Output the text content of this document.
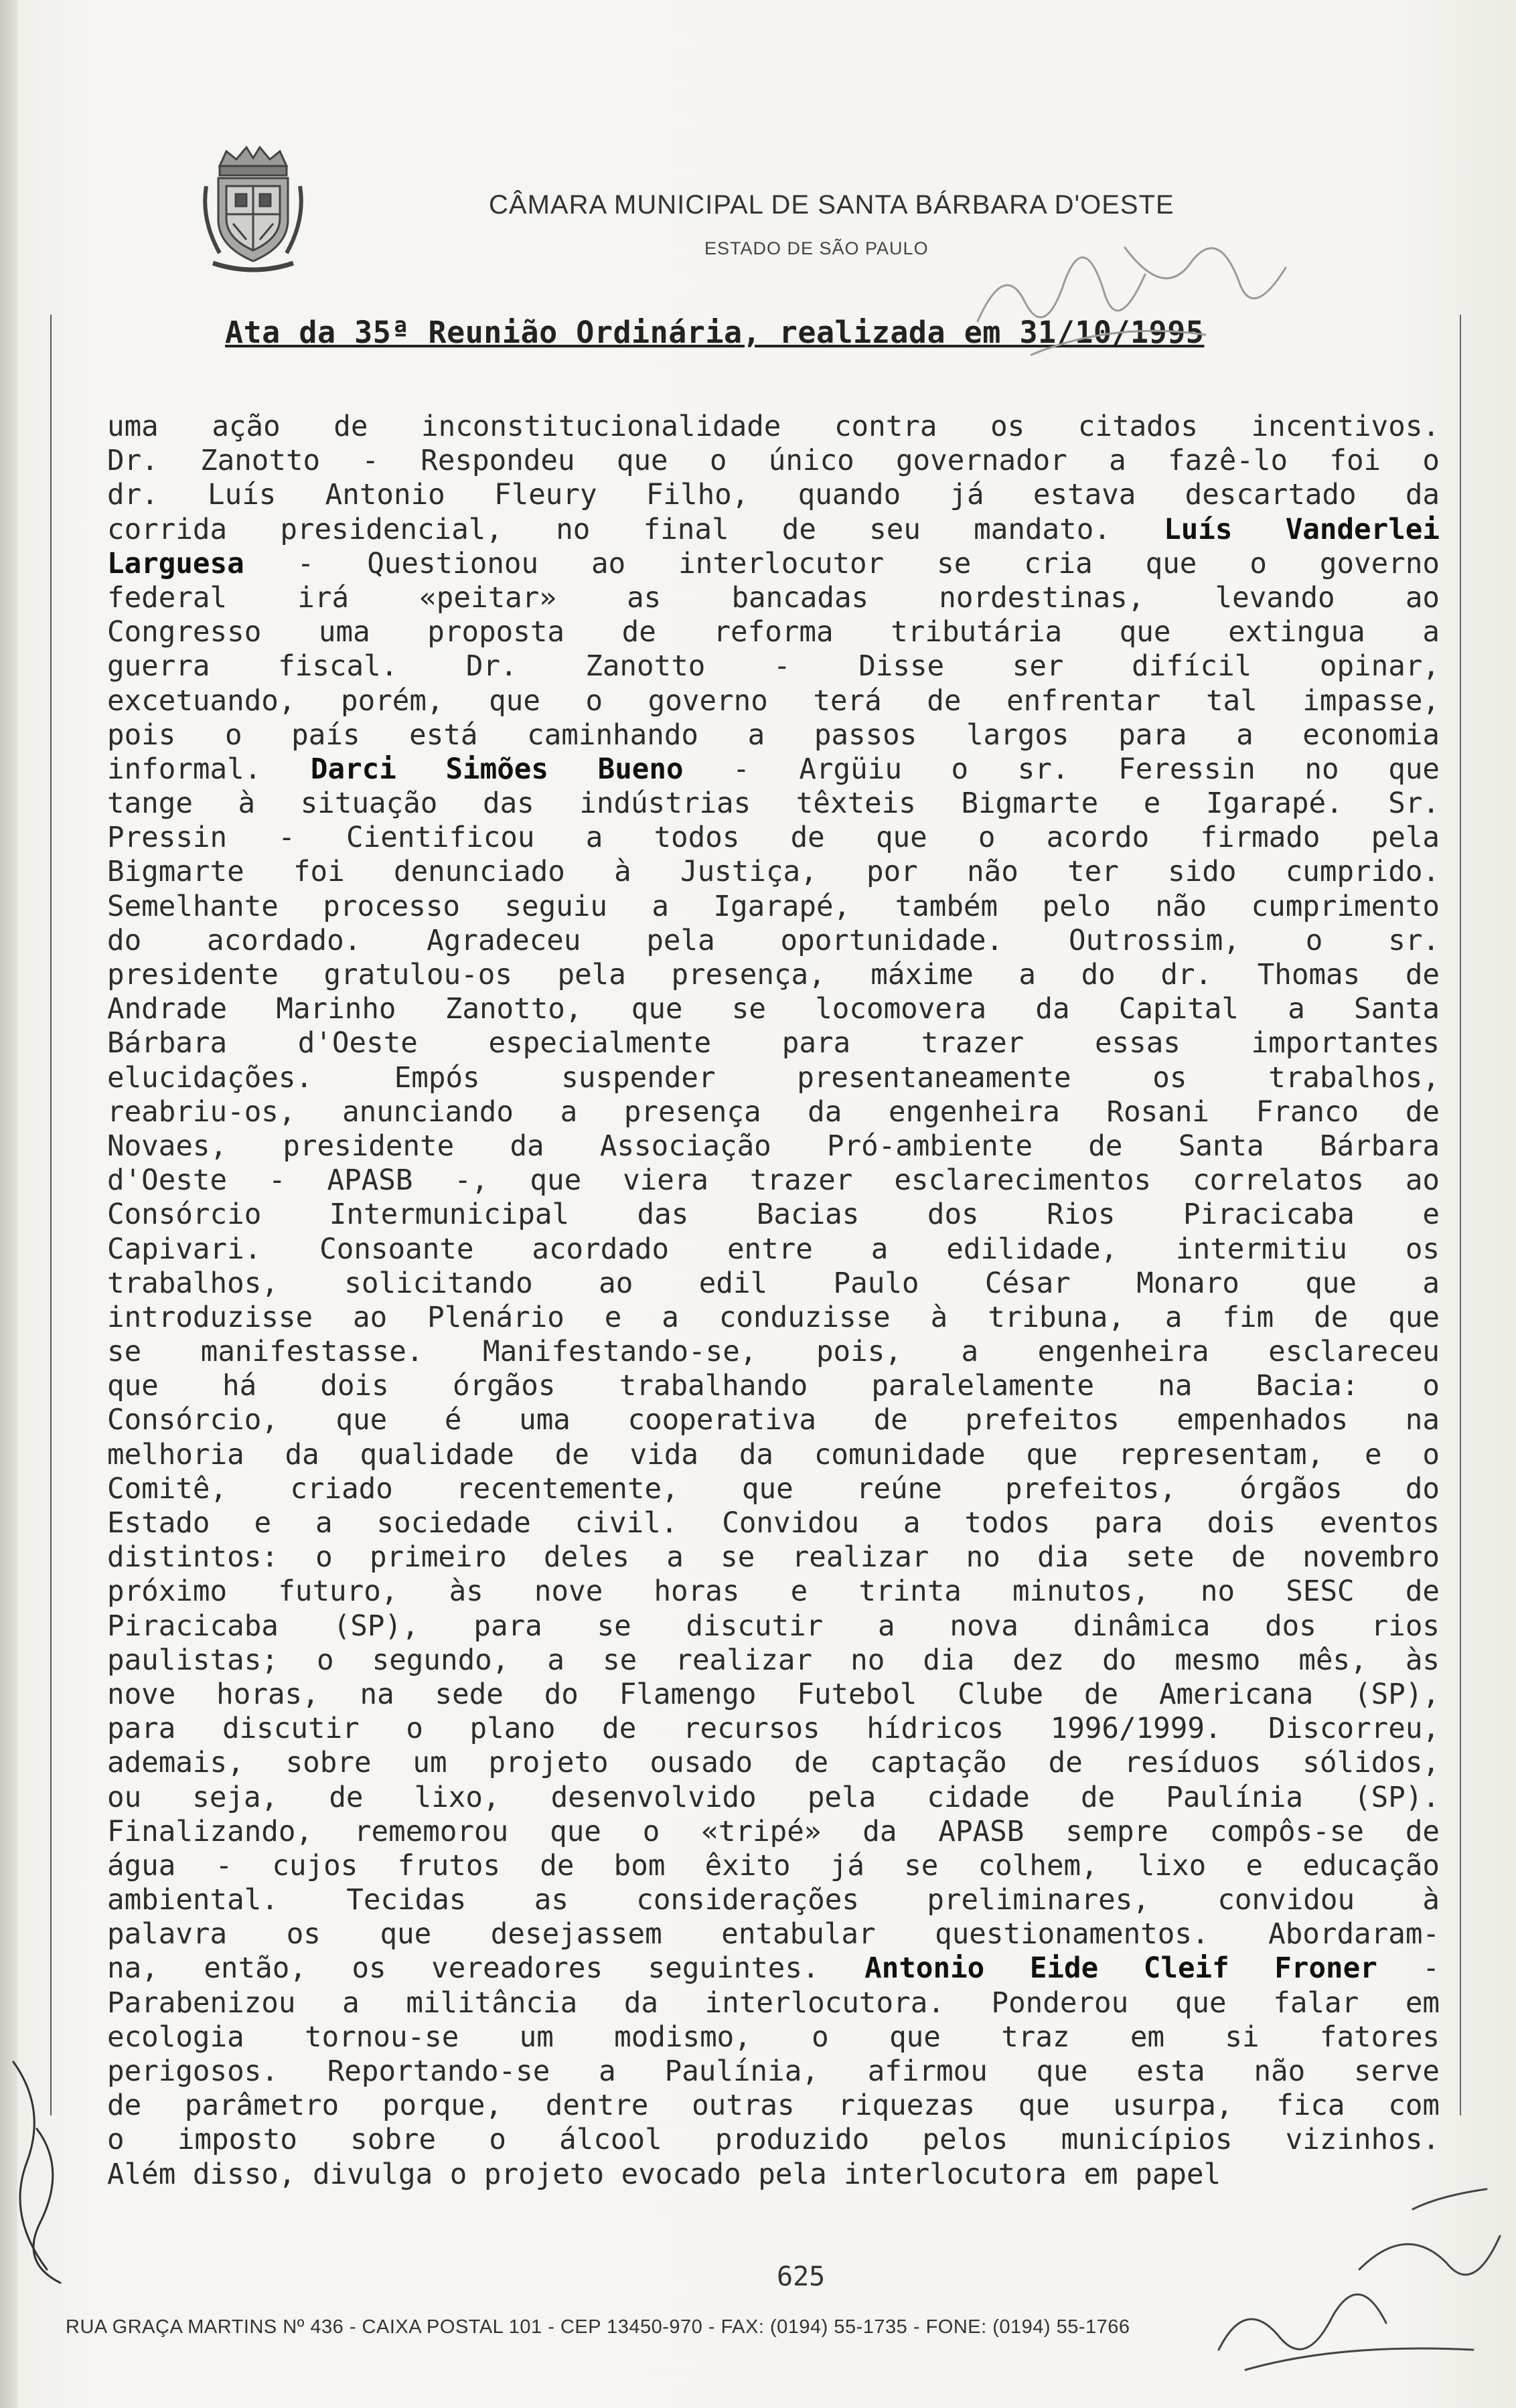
CÂMARA MUNICIPAL DE SANTA BÁRBARA D'OESTE
ESTADO DE SÃO PAULO
Ata da 35ª Reunião Ordinária, realizada em 31/10/1995
uma ação de inconstitucionalidade contra os citados incentivos.
Dr. Zanotto - Respondeu que o único governador a fazê-lo foi o
dr. Luís Antonio Fleury Filho, quando já estava descartado da
corrida presidencial, no final de seu mandato. Luís Vanderlei
Larguesa - Questionou ao interlocutor se cria que o governo
federal irá «peitar» as bancadas nordestinas, levando ao
Congresso uma proposta de reforma tributária que extingua a
guerra fiscal. Dr. Zanotto - Disse ser difícil opinar,
excetuando, porém, que o governo terá de enfrentar tal impasse,
pois o país está caminhando a passos largos para a economia
informal. Darci Simões Bueno - Argüiu o sr. Feressin no que
tange à situação das indústrias têxteis Bigmarte e Igarapé. Sr.
Pressin - Cientificou a todos de que o acordo firmado pela
Bigmarte foi denunciado à Justiça, por não ter sido cumprido.
Semelhante processo seguiu a Igarapé, também pelo não cumprimento
do acordado. Agradeceu pela oportunidade. Outrossim, o sr.
presidente gratulou-os pela presença, máxime a do dr. Thomas de
Andrade Marinho Zanotto, que se locomovera da Capital a Santa
Bárbara d'Oeste especialmente para trazer essas importantes
elucidações. Empós suspender presentaneamente os trabalhos,
reabriu-os, anunciando a presença da engenheira Rosani Franco de
Novaes, presidente da Associação Pró-ambiente de Santa Bárbara
d'Oeste - APASB -, que viera trazer esclarecimentos correlatos ao
Consórcio Intermunicipal das Bacias dos Rios Piracicaba e
Capivari. Consoante acordado entre a edilidade, intermitiu os
trabalhos, solicitando ao edil Paulo César Monaro que a
introduzisse ao Plenário e a conduzisse à tribuna, a fim de que
se manifestasse. Manifestando-se, pois, a engenheira esclareceu
que há dois órgãos trabalhando paralelamente na Bacia: o
Consórcio, que é uma cooperativa de prefeitos empenhados na
melhoria da qualidade de vida da comunidade que representam, e o
Comitê, criado recentemente, que reúne prefeitos, órgãos do
Estado e a sociedade civil. Convidou a todos para dois eventos
distintos: o primeiro deles a se realizar no dia sete de novembro
próximo futuro, às nove horas e trinta minutos, no SESC de
Piracicaba (SP), para se discutir a nova dinâmica dos rios
paulistas; o segundo, a se realizar no dia dez do mesmo mês, às
nove horas, na sede do Flamengo Futebol Clube de Americana (SP),
para discutir o plano de recursos hídricos 1996/1999. Discorreu,
ademais, sobre um projeto ousado de captação de resíduos sólidos,
ou seja, de lixo, desenvolvido pela cidade de Paulínia (SP).
Finalizando, rememorou que o «tripé» da APASB sempre compôs-se de
água - cujos frutos de bom êxito já se colhem, lixo e educação
ambiental. Tecidas as considerações preliminares, convidou à
palavra os que desejassem entabular questionamentos. Abordaram-
na, então, os vereadores seguintes. Antonio Eide Cleif Froner -
Parabenizou a militância da interlocutora. Ponderou que falar em
ecologia tornou-se um modismo, o que traz em si fatores
perigosos. Reportando-se a Paulínia, afirmou que esta não serve
de parâmetro porque, dentre outras riquezas que usurpa, fica com
o imposto sobre o álcool produzido pelos municípios vizinhos.
Além disso, divulga o projeto evocado pela interlocutora em papel
625
RUA GRAÇA MARTINS Nº 436 - CAIXA POSTAL 101 - CEP 13450-970 - FAX: (0194) 55-1735 - FONE: (0194) 55-1766
